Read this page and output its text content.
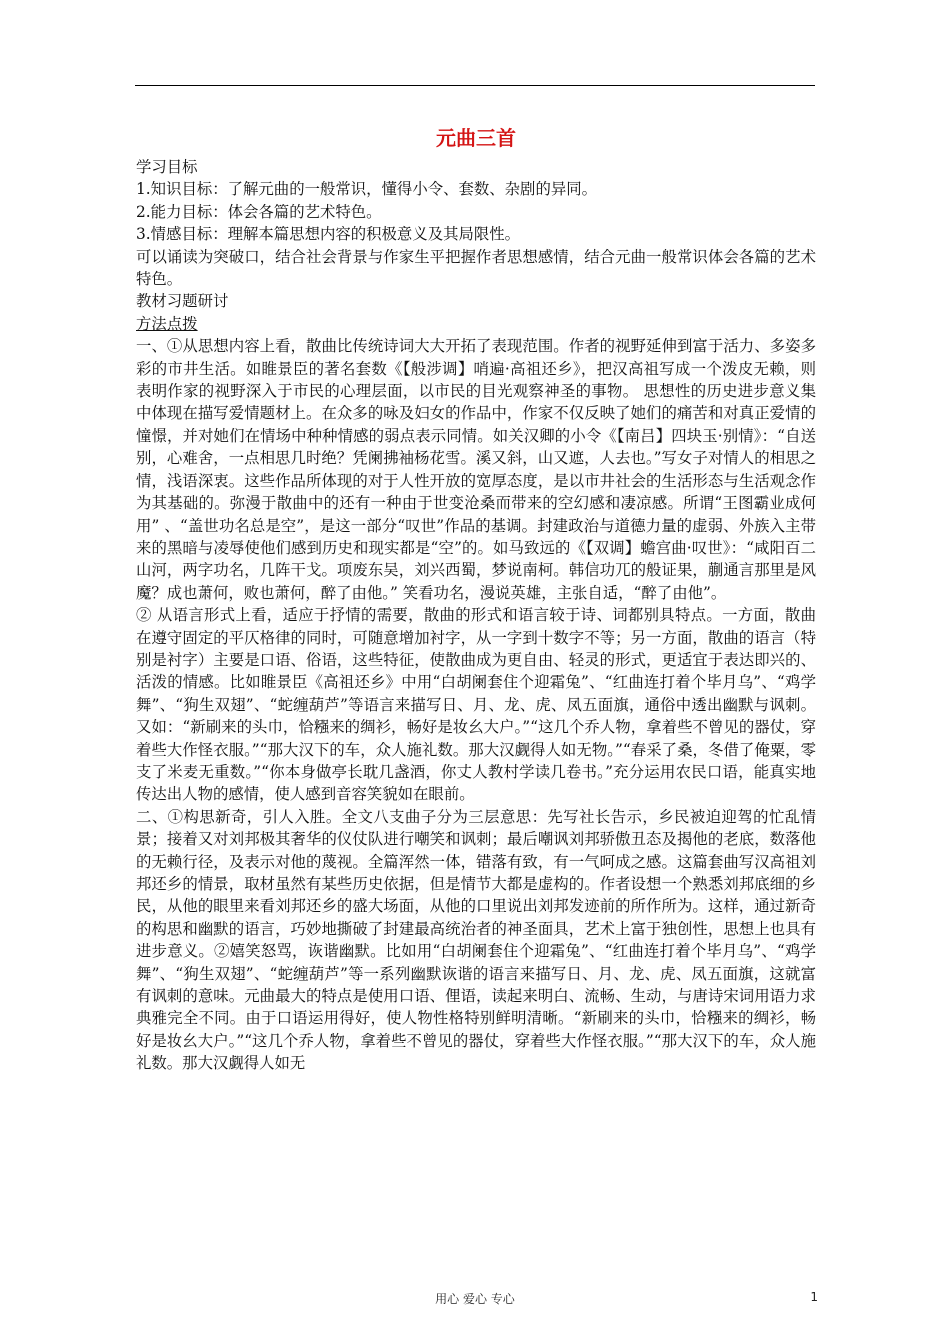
元曲三首

学习目标

1.知识目标：了解元曲的一般常识，懂得小令、套数、杂剧的异同。

2.能力目标：体会各篇的艺术特色。

3.情感目标：理解本篇思想内容的积极意义及其局限性。

可以诵读为突破口，结合社会背景与作家生平把握作者思想感情，结合元曲一般常识体会各篇的艺术特色。

教材习题研讨

方法点拨

一、①从思想内容上看，散曲比传统诗词大大开拓了表现范围。作者的视野延伸到富于活力、多姿多彩的市井生活。如睢景臣的著名套数《【般涉调】哨遍·高祖还乡》，把汉高祖写成一个泼皮无赖，则表明作家的视野深入于市民的心理层面，以市民的目光观察神圣的事物。 思想性的历史进步意义集中体现在描写爱情题材上。在众多的咏及妇女的作品中，作家不仅反映了她们的痛苦和对真正爱情的憧憬，并对她们在情场中种种情感的弱点表示同情。如关汉卿的小令《【南吕】四块玉·别情》：“自送别，心难舍，一点相思几时绝？凭阑拂袖杨花雪。溪又斜，山又遮，人去也。”写女子对情人的相思之情，浅语深衷。这些作品所体现的对于人性开放的宽厚态度，是以市井社会的生活形态与生活观念作为其基础的。弥漫于散曲中的还有一种由于世变沧桑而带来的空幻感和凄凉感。所谓“王图霸业成何用” 、“盖世功名总是空”，是这一部分“叹世”作品的基调。封建政治与道德力量的虚弱、外族入主带来的黑暗与凌辱使他们感到历史和现实都是“空”的。如马致远的《【双调】蟾宫曲·叹世》：“咸阳百二山河，两字功名，几阵干戈。项废东吴，刘兴西蜀，梦说南柯。韩信功兀的般证果，蒯通言那里是风魔？成也萧何，败也萧何，醉了由他。” 笑看功名，漫说英雄，主张自适，“醉了由他”。

② 从语言形式上看，适应于抒情的需要，散曲的形式和语言较于诗、词都别具特点。一方面，散曲在遵守固定的平仄格律的同时，可随意增加衬字，从一字到十数字不等；另一方面，散曲的语言（特别是衬字）主要是口语、俗语，这些特征，使散曲成为更自由、轻灵的形式，更适宜于表达即兴的、活泼的情感。比如睢景臣《高祖还乡》中用“白胡阑套住个迎霜兔”、“红曲连打着个毕月乌”、“鸡学舞”、“狗生双翅”、“蛇缠葫芦”等语言来描写日、月、龙、虎、凤五面旗，通俗中透出幽默与讽刺。又如：“新刷来的头巾，恰糨来的绸衫，畅好是妆幺大户。”“这几个乔人物，拿着些不曾见的器仗，穿着些大作怪衣服。”“那大汉下的车，众人施礼数。那大汉觑得人如无物。”“春采了桑，冬借了俺粟，零支了米麦无重数。”“你本身做亭长耽几盏酒，你丈人教村学读几卷书。”充分运用农民口语，能真实地传达出人物的感情，使人感到音容笑貌如在眼前。

二、①构思新奇，引人入胜。全文八支曲子分为三层意思：先写社长告示，乡民被迫迎驾的忙乱情景；接着又对刘邦极其奢华的仪仗队进行嘲笑和讽刺；最后嘲讽刘邦骄傲丑态及揭他的老底，数落他的无赖行径，及表示对他的蔑视。全篇浑然一体，错落有致，有一气呵成之感。这篇套曲写汉高祖刘邦还乡的情景，取材虽然有某些历史依据，但是情节大都是虚构的。作者设想一个熟悉刘邦底细的乡民，从他的眼里来看刘邦还乡的盛大场面，从他的口里说出刘邦发迹前的所作所为。这样，通过新奇的构思和幽默的语言，巧妙地撕破了封建最高统治者的神圣面具，艺术上富于独创性，思想上也具有进步意义。②嬉笑怒骂，诙谐幽默。比如用“白胡阑套住个迎霜兔”、“红曲连打着个毕月乌”、“鸡学舞”、“狗生双翅”、“蛇缠葫芦”等一系列幽默诙谐的语言来描写日、月、龙、虎、凤五面旗，这就富有讽刺的意味。元曲最大的特点是使用口语、俚语，读起来明白、流畅、生动，与唐诗宋词用语力求典雅完全不同。由于口语运用得好，使人物性格特别鲜明清晰。“新刷来的头巾，恰糨来的绸衫，畅好是妆幺大户。”“这几个乔人物，拿着些不曾见的器仗，穿着些大作怪衣服。”“那大汉下的车，众人施礼数。那大汉觑得人如无

用心 爱心 专心	1
